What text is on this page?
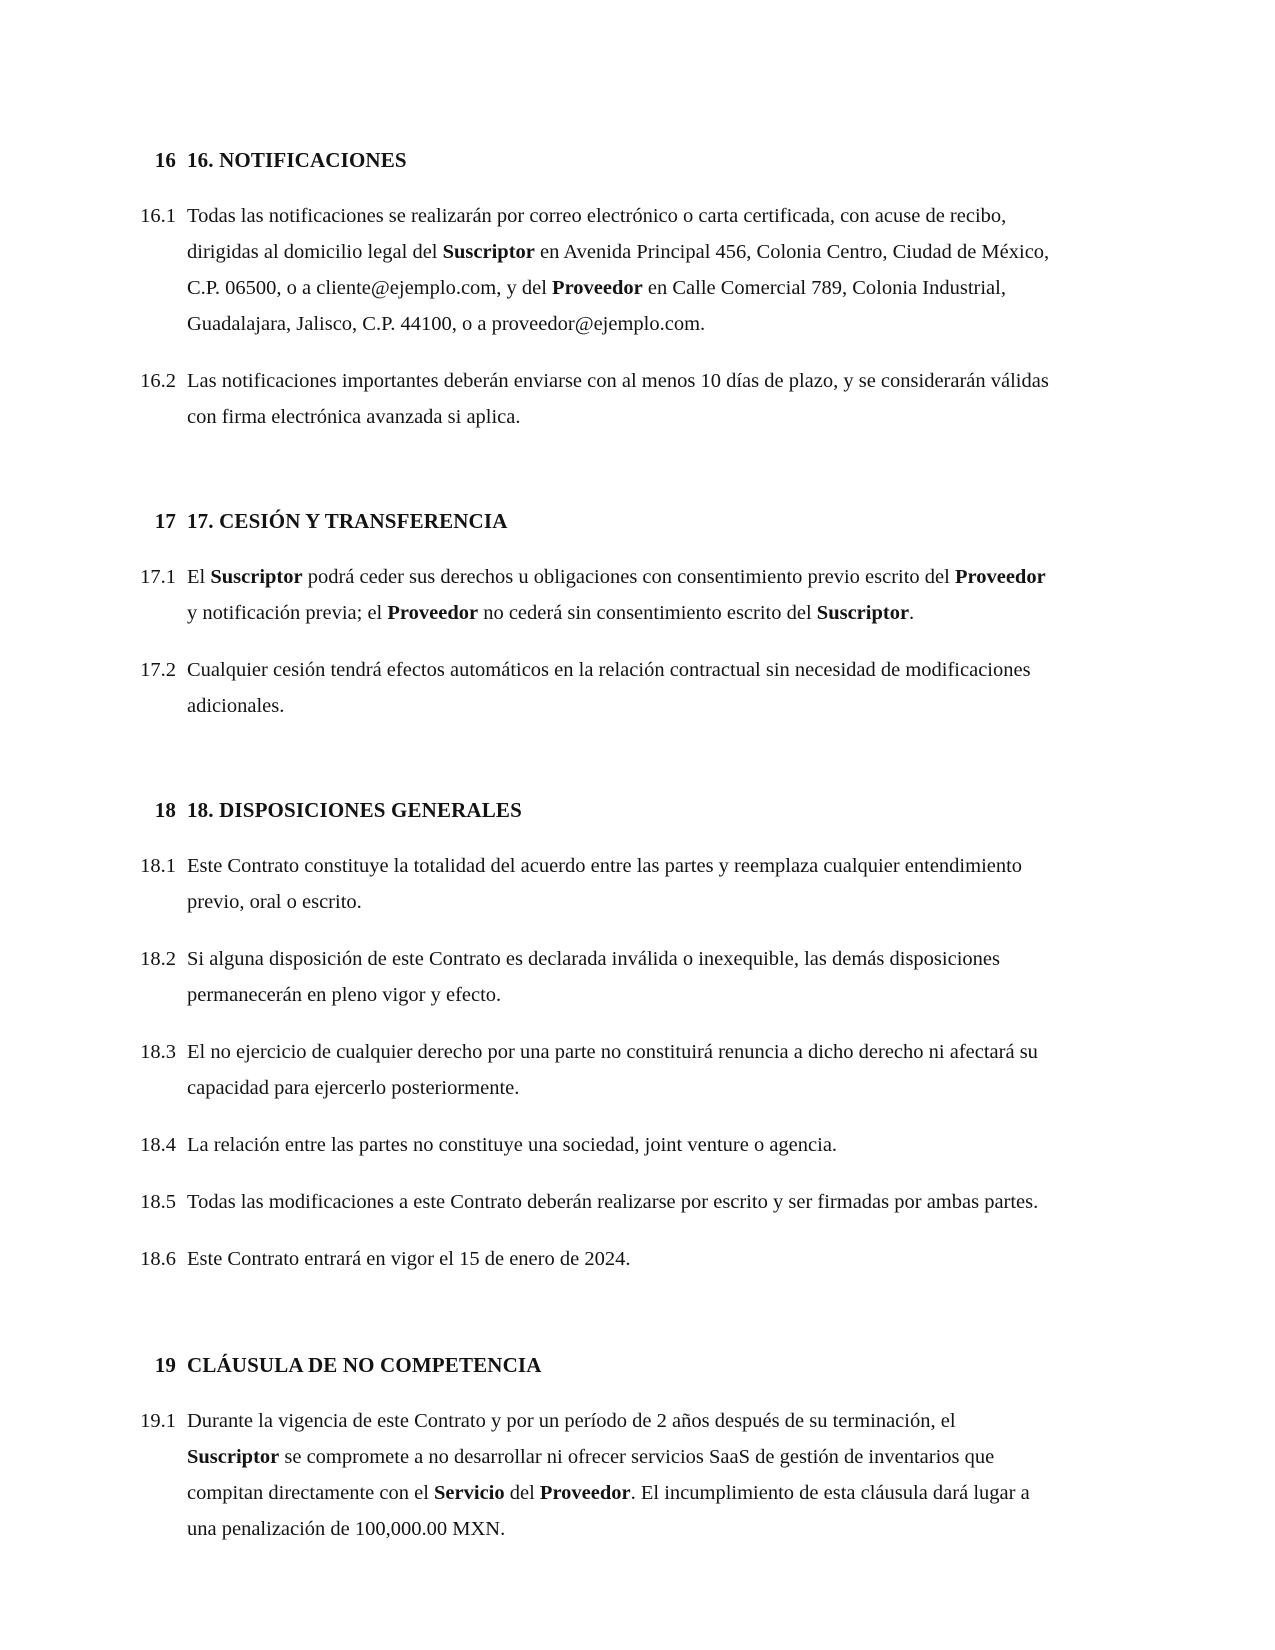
16 16. NOTIFICACIONES
16.1 Todas las notificaciones se realizarán por correo electrónico o carta certificada, con acuse de recibo, dirigidas al domicilio legal del Suscriptor en Avenida Principal 456, Colonia Centro, Ciudad de México, C.P. 06500, o a cliente@ejemplo.com, y del Proveedor en Calle Comercial 789, Colonia Industrial, Guadalajara, Jalisco, C.P. 44100, o a proveedor@ejemplo.com.
16.2 Las notificaciones importantes deberán enviarse con al menos 10 días de plazo, y se considerarán válidas con firma electrónica avanzada si aplica.
17 17. CESIÓN Y TRANSFERENCIA
17.1 El Suscriptor podrá ceder sus derechos u obligaciones con consentimiento previo escrito del Proveedor y notificación previa; el Proveedor no cederá sin consentimiento escrito del Suscriptor.
17.2 Cualquier cesión tendrá efectos automáticos en la relación contractual sin necesidad de modificaciones adicionales.
18 18. DISPOSICIONES GENERALES
18.1 Este Contrato constituye la totalidad del acuerdo entre las partes y reemplaza cualquier entendimiento previo, oral o escrito.
18.2 Si alguna disposición de este Contrato es declarada inválida o inexequible, las demás disposiciones permanecerán en pleno vigor y efecto.
18.3 El no ejercicio de cualquier derecho por una parte no constituirá renuncia a dicho derecho ni afectará su capacidad para ejercerlo posteriormente.
18.4 La relación entre las partes no constituye una sociedad, joint venture o agencia.
18.5 Todas las modificaciones a este Contrato deberán realizarse por escrito y ser firmadas por ambas partes.
18.6 Este Contrato entrará en vigor el 15 de enero de 2024.
19 CLÁUSULA DE NO COMPETENCIA
19.1 Durante la vigencia de este Contrato y por un período de 2 años después de su terminación, el Suscriptor se compromete a no desarrollar ni ofrecer servicios SaaS de gestión de inventarios que compitan directamente con el Servicio del Proveedor. El incumplimiento de esta cláusula dará lugar a una penalización de 100,000.00 MXN.
